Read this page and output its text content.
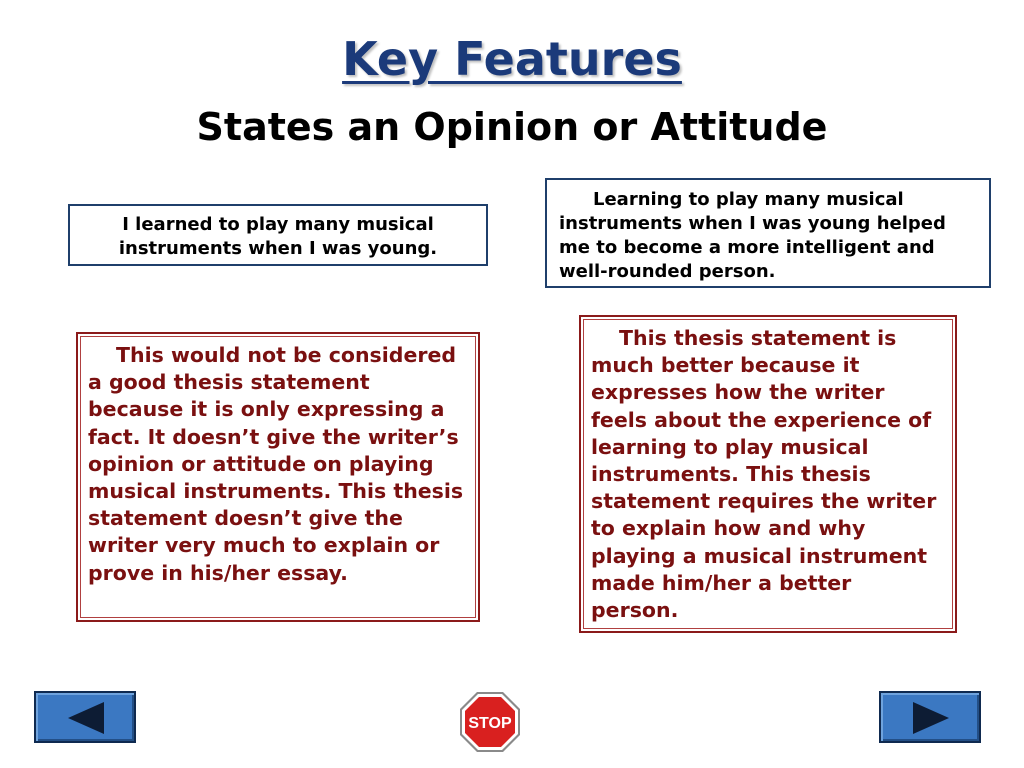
Key Features
States an Opinion or Attitude
I learned to play many musical instruments when I was young.
Learning to play many musical instruments when I was young helped me to become a more intelligent and well-rounded person.
This would not be considered a good thesis statement because it is only expressing a fact. It doesn’t give the writer’s opinion or attitude on playing musical instruments. This thesis statement doesn’t give the writer very much to explain or prove in his/her essay.
This thesis statement is much better because it expresses how the writer feels about the experience of learning to play musical instruments. This thesis statement requires the writer to explain how and why playing a musical instrument made him/her a better person.
STOP
